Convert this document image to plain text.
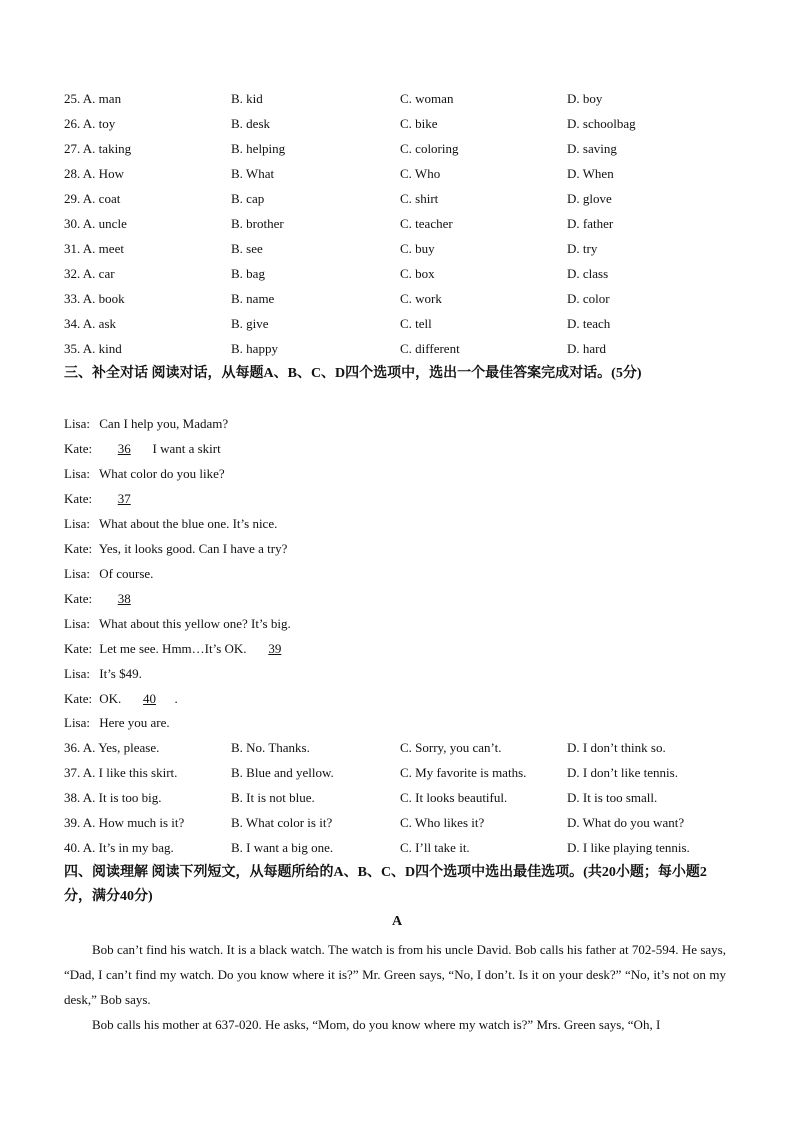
25. A. man	B. kid	C. woman	D. boy
26. A. toy	B. desk	C. bike	D. schoolbag
27. A. taking	B. helping	C. coloring	D. saving
28. A. How	B. What	C. Who	D. When
29. A. coat	B. cap	C. shirt	D. glove
30. A. uncle	B. brother	C. teacher	D. father
31. A. meet	B. see	C. buy	D. try
32. A. car	B. bag	C. box	D. class
33. A. book	B. name	C. work	D. color
34. A. ask	B. give	C. tell	D. teach
35. A. kind	B. happy	C. different	D. hard
三、补全对话 阅读对话，从每题A、B、C、D四个选项中，选出一个最佳答案完成对话。(5分)
Lisa: Can I help you, Madam?
Kate: 36 I want a skirt
Lisa: What color do you like?
Kate: 37
Lisa: What about the blue one. It’s nice.
Kate: Yes, it looks good. Can I have a try?
Lisa: Of course.
Kate: 38
Lisa: What about this yellow one? It’s big.
Kate: Let me see. Hmm…It’s OK. 39
Lisa: It’s $49.
Kate: OK. 40 .
Lisa: Here you are.
36. A. Yes, please.	B. No. Thanks.	C. Sorry, you can’t.	D. I don’t think so.
37. A. I like this skirt.	B. Blue and yellow.	C. My favorite is maths.	D. I don’t like tennis.
38. A. It is too big.	B. It is not blue.	C. It looks beautiful.	D. It is too small.
39. A. How much is it?	B. What color is it?	C. Who likes it?	D. What do you want?
40. A. It’s in my bag.	B. I want a big one.	C. I’ll take it.	D. I like playing tennis.
四、阅读理解 阅读下列短文，从每题所给的A、B、C、D四个选项中选出最佳选项。(共20小题；每小题2分，满分40分)
A
Bob can’t find his watch. It is a black watch. The watch is from his uncle David. Bob calls his father at 702-594. He says, “Dad, I can’t find my watch. Do you know where it is?” Mr. Green says, “No, I don’t. Is it on your desk?” “No, it’s not on my desk,” Bob says.
Bob calls his mother at 637-020. He asks, “Mom, do you know where my watch is?” Mrs. Green says, “Oh, I
